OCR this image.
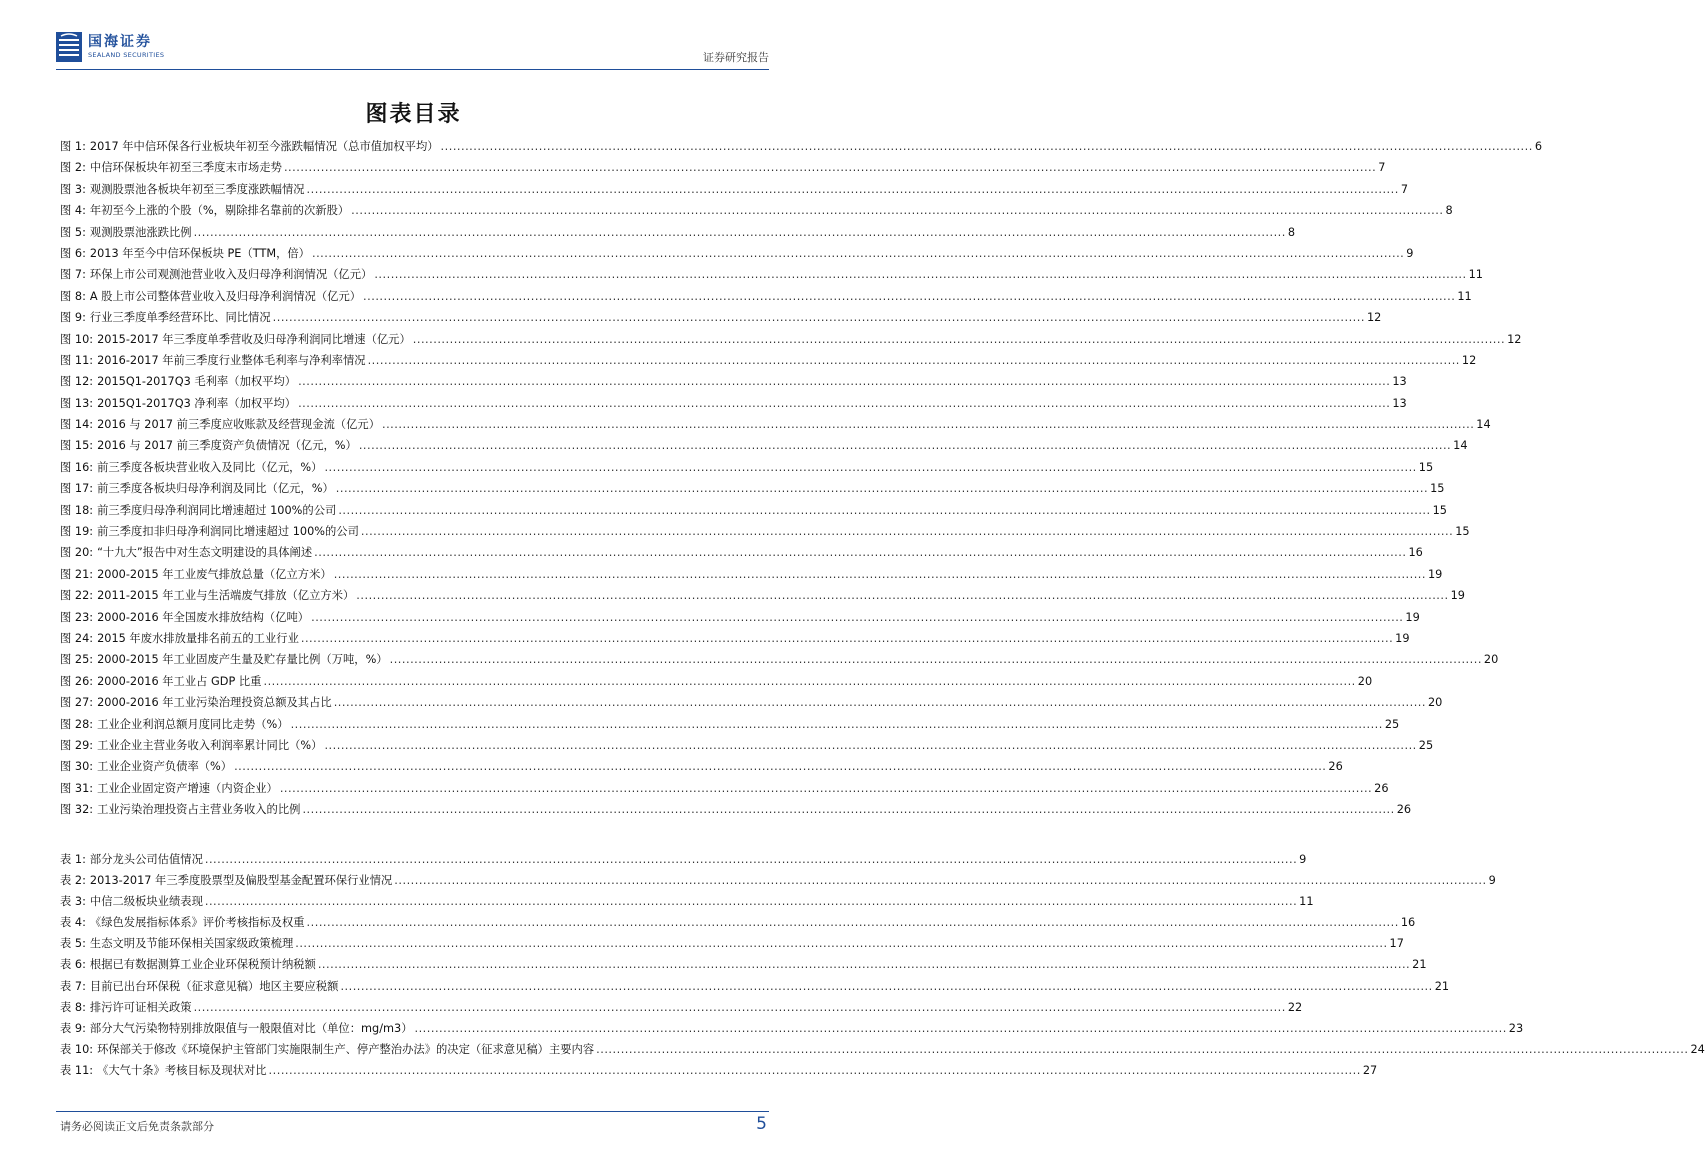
国海证券
SEALAND SECURITIES	证券研究报告
图表目录
图 1: 2017 年中信环保各行业板块年初至今涨跌幅情况（总市值加权平均） .....	6
图 2: 中信环保板块年初至三季度末市场走势 .....	7
图 3: 观测股票池各板块年初至三季度涨跌幅情况 .....	7
图 4: 年初至今上涨的个股（%，剔除排名靠前的次新股） .....	8
图 5: 观测股票池涨跌比例 .....	8
图 6: 2013 年至今中信环保板块 PE（TTM，倍） .....	9
图 7: 环保上市公司观测池营业收入及归母净利润情况（亿元） .....	11
图 8: A 股上市公司整体营业收入及归母净利润情况（亿元） .....	11
图 9: 行业三季度单季经营环比、同比情况 .....	12
图 10: 2015-2017 年三季度单季营收及归母净利润同比增速（亿元） .....	12
图 11: 2016-2017 年前三季度行业整体毛利率与净利率情况 .....	12
图 12: 2015Q1-2017Q3 毛利率（加权平均） .....	13
图 13: 2015Q1-2017Q3 净利率（加权平均） .....	13
图 14: 2016 与 2017 前三季度应收账款及经营现金流（亿元） .....	14
图 15: 2016 与 2017 前三季度资产负债情况（亿元，%） .....	14
图 16: 前三季度各板块营业收入及同比（亿元，%） .....	15
图 17: 前三季度各板块归母净利润及同比（亿元，%） .....	15
图 18: 前三季度归母净利润同比增速超过 100%的公司 .....	15
图 19: 前三季度扣非归母净利润同比增速超过 100%的公司 .....	15
图 20: “十九大”报告中对生态文明建设的具体阐述 .....	16
图 21: 2000-2015 年工业废气排放总量（亿立方米） .....	19
图 22: 2011-2015 年工业与生活端废气排放（亿立方米） .....	19
图 23: 2000-2016 年全国废水排放结构（亿吨） .....	19
图 24: 2015 年废水排放量排名前五的工业行业 .....	19
图 25: 2000-2015 年工业固废产生量及贮存量比例（万吨，%） .....	20
图 26: 2000-2016 年工业占 GDP 比重 .....	20
图 27: 2000-2016 年工业污染治理投资总额及其占比 .....	20
图 28: 工业企业利润总额月度同比走势（%） .....	25
图 29: 工业企业主营业务收入利润率累计同比（%） .....	25
图 30: 工业企业资产负债率（%） .....	26
图 31: 工业企业固定资产增速（内资企业） .....	26
图 32: 工业污染治理投资占主营业务收入的比例 .....	26
表 1: 部分龙头公司估值情况 .....	9
表 2: 2013-2017 年三季度股票型及偏股型基金配置环保行业情况 .....	9
表 3: 中信二级板块业绩表现 .....	11
表 4: 《绿色发展指标体系》评价考核指标及权重 .....	16
表 5: 生态文明及节能环保相关国家级政策梳理 .....	17
表 6: 根据已有数据测算工业企业环保税预计纳税额 .....	21
表 7: 目前已出台环保税（征求意见稿）地区主要应税额 .....	21
表 8: 排污许可证相关政策 .....	22
表 9: 部分大气污染物特别排放限值与一般限值对比（单位：mg/m3） .....	23
表 10: 环保部关于修改《环境保护主管部门实施限制生产、停产整治办法》的决定（征求意见稿）主要内容 .....	24
表 11: 《大气十条》考核目标及现状对比 .....	27
请务必阅读正文后免责条款部分	5
